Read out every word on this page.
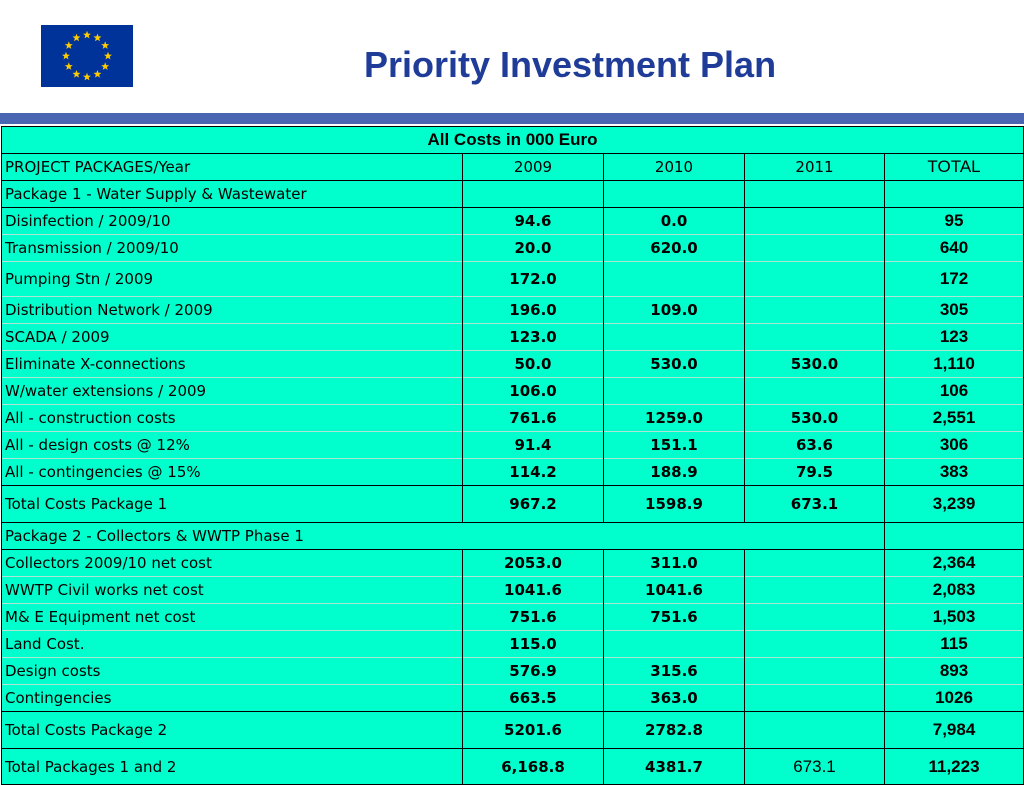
Priority Investment Plan
All Costs in 000 Euro				
PROJECT PACKAGES/Year	2009	2010	2011	TOTAL
Package 1 - Water Supply & Wastewater				
Disinfection / 2009/10	94.6	0.0		95
Transmission / 2009/10	20.0	620.0		640
Pumping Stn / 2009	172.0			172
Distribution Network / 2009	196.0	109.0		305
SCADA / 2009	123.0			123
Eliminate X-connections	50.0	530.0	530.0	1,110
W/water extensions / 2009	106.0			106
All - construction costs	761.6	1259.0	530.0	2,551
All - design costs @ 12%	91.4	151.1	63.6	306
All - contingencies @ 15%	114.2	188.9	79.5	383
Total Costs Package 1	967.2	1598.9	673.1	3,239
Package 2 - Collectors & WWTP Phase 1				
Collectors 2009/10 net cost	2053.0	311.0		2,364
WWTP Civil works net cost	1041.6	1041.6		2,083
M& E Equipment net cost	751.6	751.6		1,503
Land Cost.	115.0			115
Design costs	576.9	315.6		893
Contingencies	663.5	363.0		1026
Total Costs Package 2	5201.6	2782.8		7,984
Total Packages 1 and 2	6,168.8	4381.7	673.1	11,223
